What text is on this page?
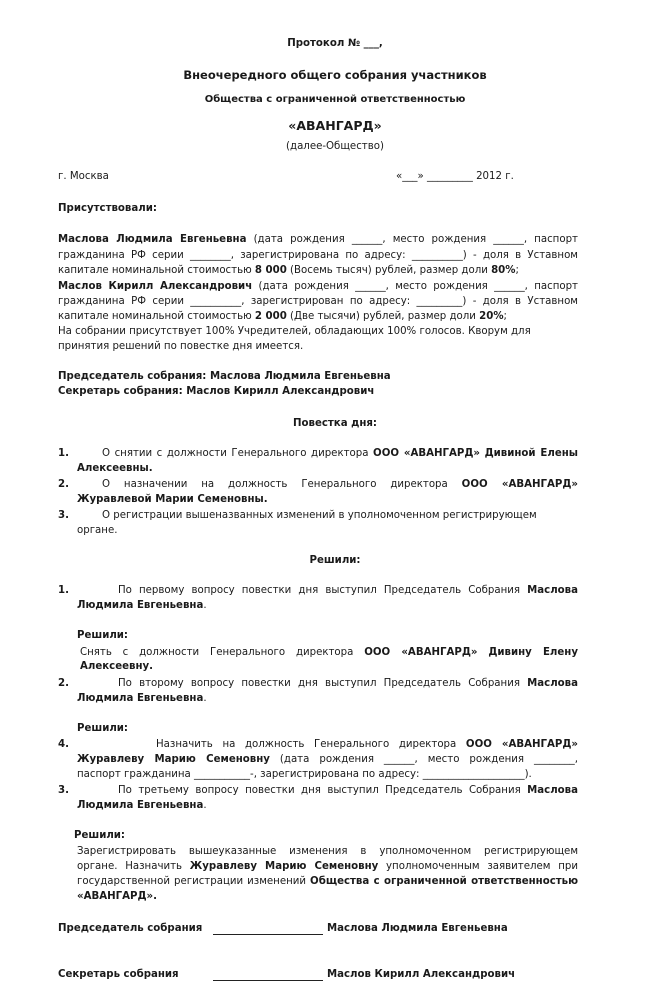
Протокол № ___,
Внеочередного общего собрания участников
Общества с ограниченной ответственностью
«АВАНГАРД»
(далее-Общество)
г. Москва	«___» _________ 2012 г.
Присутствовали:
Маслова Людмила Евгеньевна (дата рождения ______, место рождения ______, паспорт
гражданина РФ серии ________, зарегистрирована по адресу: __________) - доля в Уставном
капитале номинальной стоимостью 8 000 (Восемь тысяч) рублей, размер доли 80%;
Маслов Кирилл Александрович (дата рождения ______, место рождения ______, паспорт
гражданина РФ серии __________, зарегистрирован по адресу: _________) - доля в Уставном
капитале номинальной стоимостью 2 000 (Две тысячи) рублей, размер доли 20%;
На собрании присутствует 100% Учредителей, обладающих 100% голосов. Кворум для
принятия решений по повестке дня имеется.
Председатель собрания: Маслова Людмила Евгеньевна
Секретарь собрания: Маслов Кирилл Александрович
Повестка дня:
1.	О снятии с должности Генерального директора ООО «АВАНГАРД» Дивиной Елены
Алексеевны.
2.	О назначении на должность Генерального директора ООО «АВАНГАРД»
Журавлевой Марии Семеновны.
3.	О регистрации вышеназванных изменений в уполномоченном регистрирующем
органе.
Решили:
1.	По первому вопросу повестки дня выступил Председатель Собрания Маслова
Людмила Евгеньевна.
Решили:
Снять с должности Генерального директора ООО «АВАНГАРД» Дивину Елену
Алексеевну.
2.	По второму вопросу повестки дня выступил Председатель Собрания Маслова
Людмила Евгеньевна.
Решили:
4.	Назначить на должность Генерального директора ООО «АВАНГАРД»
Журавлеву Марию Семеновну (дата рождения ______, место рождения ________,
паспорт гражданина ___________-, зарегистрирована по адресу: ____________________).
3.	По третьему вопросу повестки дня выступил Председатель Собрания Маслова
Людмила Евгеньевна.
Решили:
Зарегистрировать вышеуказанные изменения в уполномоченном регистрирующем
органе. Назначить Журавлеву Марию Семеновну уполномоченным заявителем при
государственной регистрации изменений Общества с ограниченной ответственностью
«АВАНГАРД».
Председатель собрания	Маслова Людмила Евгеньевна
Секретарь собрания	Маслов Кирилл Александрович
